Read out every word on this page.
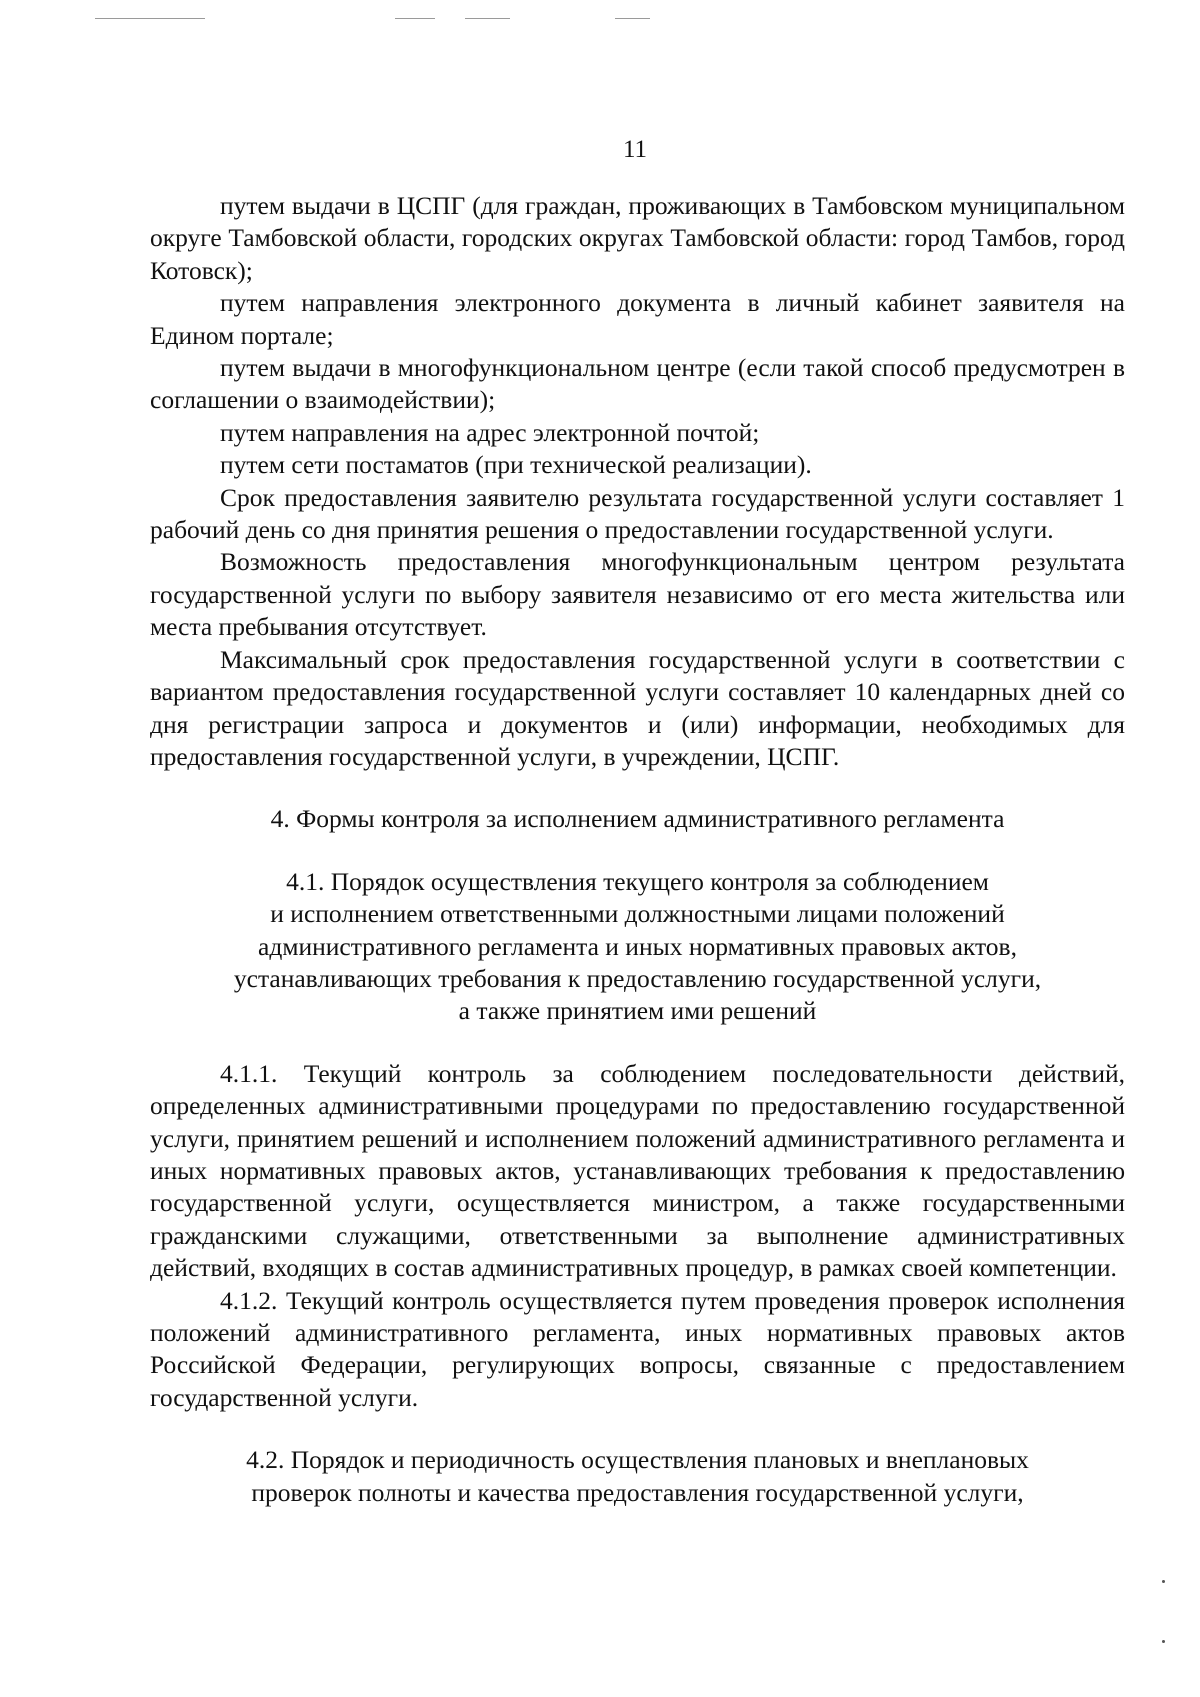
11

путем выдачи в ЦСПГ (для граждан, проживающих в Тамбовском муниципальном округе Тамбовской области, городских округах Тамбовской области: город Тамбов, город Котовск);

путем направления электронного документа в личный кабинет заявителя на Едином портале;

путем выдачи в многофункциональном центре (если такой способ предусмотрен в соглашении о взаимодействии);

путем направления на адрес электронной почтой;

путем сети постаматов (при технической реализации).

Срок предоставления заявителю результата государственной услуги составляет 1 рабочий день со дня принятия решения о предоставлении государственной услуги.

Возможность предоставления многофункциональным центром результата государственной услуги по выбору заявителя независимо от его места жительства или места пребывания отсутствует.

Максимальный срок предоставления государственной услуги в соответствии с вариантом предоставления государственной услуги составляет 10 календарных дней со дня регистрации запроса и документов и (или) информации, необходимых для предоставления государственной услуги, в учреждении, ЦСПГ.

4. Формы контроля за исполнением административного регламента

4.1. Порядок осуществления текущего контроля за соблюдением

и исполнением ответственными должностными лицами положений

административного регламента и иных нормативных правовых актов,

устанавливающих требования к предоставлению государственной услуги,

а также принятием ими решений

4.1.1. Текущий контроль за соблюдением последовательности действий, определенных административными процедурами по предоставлению государственной услуги, принятием решений и исполнением положений административного регламента и иных нормативных правовых актов, устанавливающих требования к предоставлению государственной услуги, осуществляется министром, а также государственными гражданскими служащими, ответственными за выполнение административных действий, входящих в состав административных процедур, в рамках своей компетенции.

4.1.2. Текущий контроль осуществляется путем проведения проверок исполнения положений административного регламента, иных нормативных правовых актов Российской Федерации, регулирующих вопросы, связанные с предоставлением государственной услуги.

4.2. Порядок и периодичность осуществления плановых и внеплановых

проверок полноты и качества предоставления государственной услуги,
